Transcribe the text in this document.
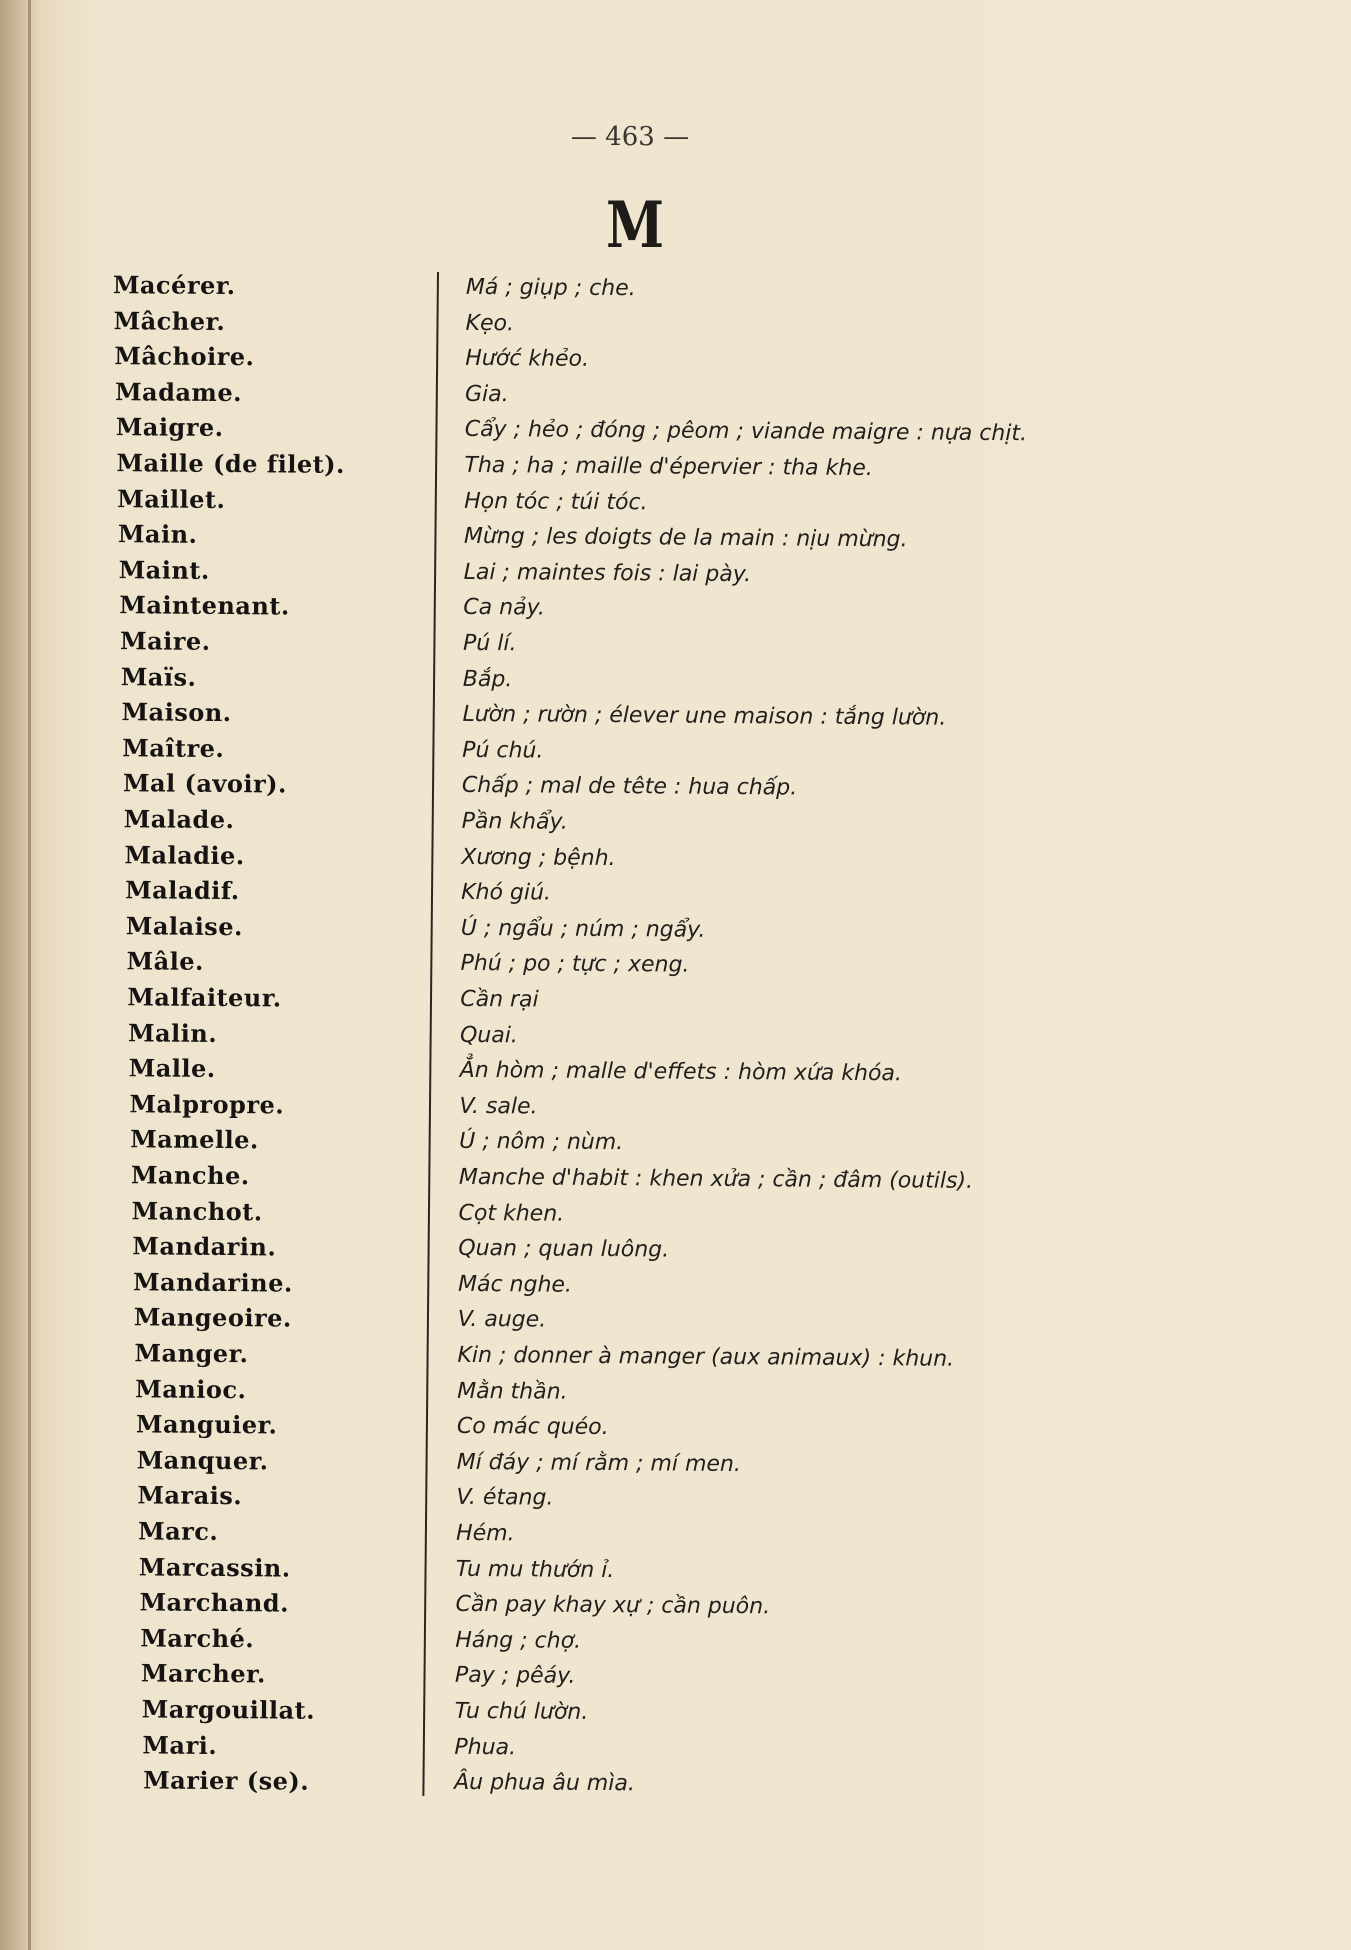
— 463 —
M
Macérer.	Má ; giụp ; che.
Mâcher.	Kẹo.
Mâchoire.	Hướć khẻo.
Madame.	Gia.
Maigre.	Cẩy ; hẻo ; đóng ; pêom ; viande maigre : nựa chịt.
Maille (de filet).	Tha ; ha ; maille d'épervier : tha khe.
Maillet.	Họn tóc ; túi tóc.
Main.	Mừng ; les doigts de la main : nịu mừng.
Maint.	Lai ; maintes fois : lai pày.
Maintenant.	Ca nảy.
Maire.	Pú lí.
Maïs.	Bắp.
Maison.	Lườn ; rườn ; élever une maison : tắng lườn.
Maître.	Pú chú.
Mal (avoir).	Chấp ; mal de tête : hua chấp.
Malade.	Pần khẩy.
Maladie.	Xương ; bệnh.
Maladif.	Khó giú.
Malaise.	Ú ; ngẩu ; núm ; ngẩy.
Mâle.	Phú ; po ; tực ; xeng.
Malfaiteur.	Cần rại
Malin.	Quai.
Malle.	Ẳn hòm ; malle d'effets : hòm xứa khóa.
Malpropre.	V. sale.
Mamelle.	Ú ; nôm ; nùm.
Manche.	Manche d'habit : khen xửa ; cần ; đâm (outils).
Manchot.	Cọt khen.
Mandarin.	Quan ; quan luông.
Mandarine.	Mác nghe.
Mangeoire.	V. auge.
Manger.	Kin ; donner à manger (aux animaux) : khun.
Manioc.	Mằn thần.
Manguier.	Co mác quéo.
Manquer.	Mí đáy ; mí rằm ; mí men.
Marais.	V. étang.
Marc.	Hém.
Marcassin.	Tu mu thướn ỉ.
Marchand.	Cần pay khay xự ; cần puôn.
Marché.	Háng ; chợ.
Marcher.	Pay ; pêáy.
Margouillat.	Tu chú lườn.
Mari.	Phua.
Marier (se).	Âu phua âu mìa.
